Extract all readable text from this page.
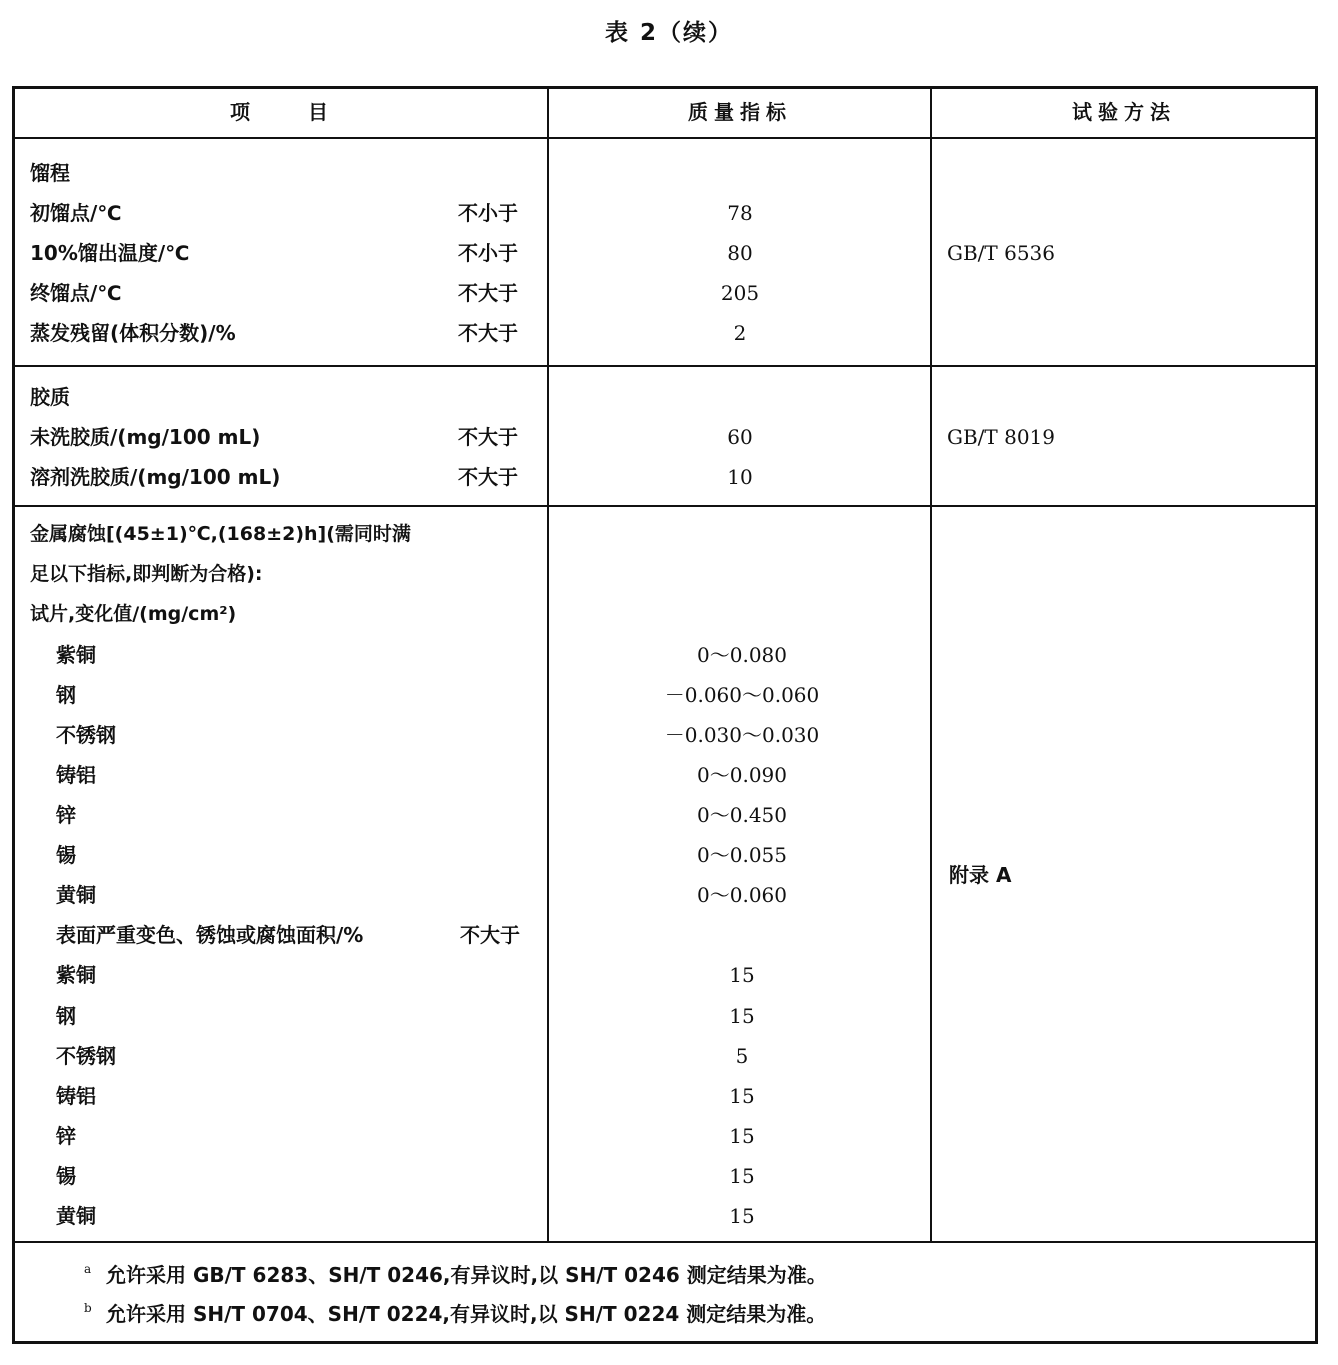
表 2（续）
项　　目	质量指标	试验方法
馏程
初馏点/℃	不小于	78
10%馏出温度/℃	不小于	80
终馏点/℃	不大于	205
蒸发残留(体积分数)/%	不大于	2
GB/T 6536
胶质
未洗胶质/(mg/100 mL)	不大于	60
溶剂洗胶质/(mg/100 mL)	不大于	10
GB/T 8019
金属腐蚀[(45±1)℃,(168±2)h](需同时满
足以下指标,即判断为合格):
试片,变化值/(mg/cm²)
紫铜	0～0.080
钢	－0.060～0.060
不锈钢	－0.030～0.030
铸铝	0～0.090
锌	0～0.450
锡	0～0.055
黄铜	0～0.060
表面严重变色、锈蚀或腐蚀面积/%	不大于
紫铜	15
钢	15
不锈钢	5
铸铝	15
锌	15
锡	15
黄铜	15
附录 A
a 允许采用 GB/T 6283、SH/T 0246,有异议时,以 SH/T 0246 测定结果为准。
b 允许采用 SH/T 0704、SH/T 0224,有异议时,以 SH/T 0224 测定结果为准。
